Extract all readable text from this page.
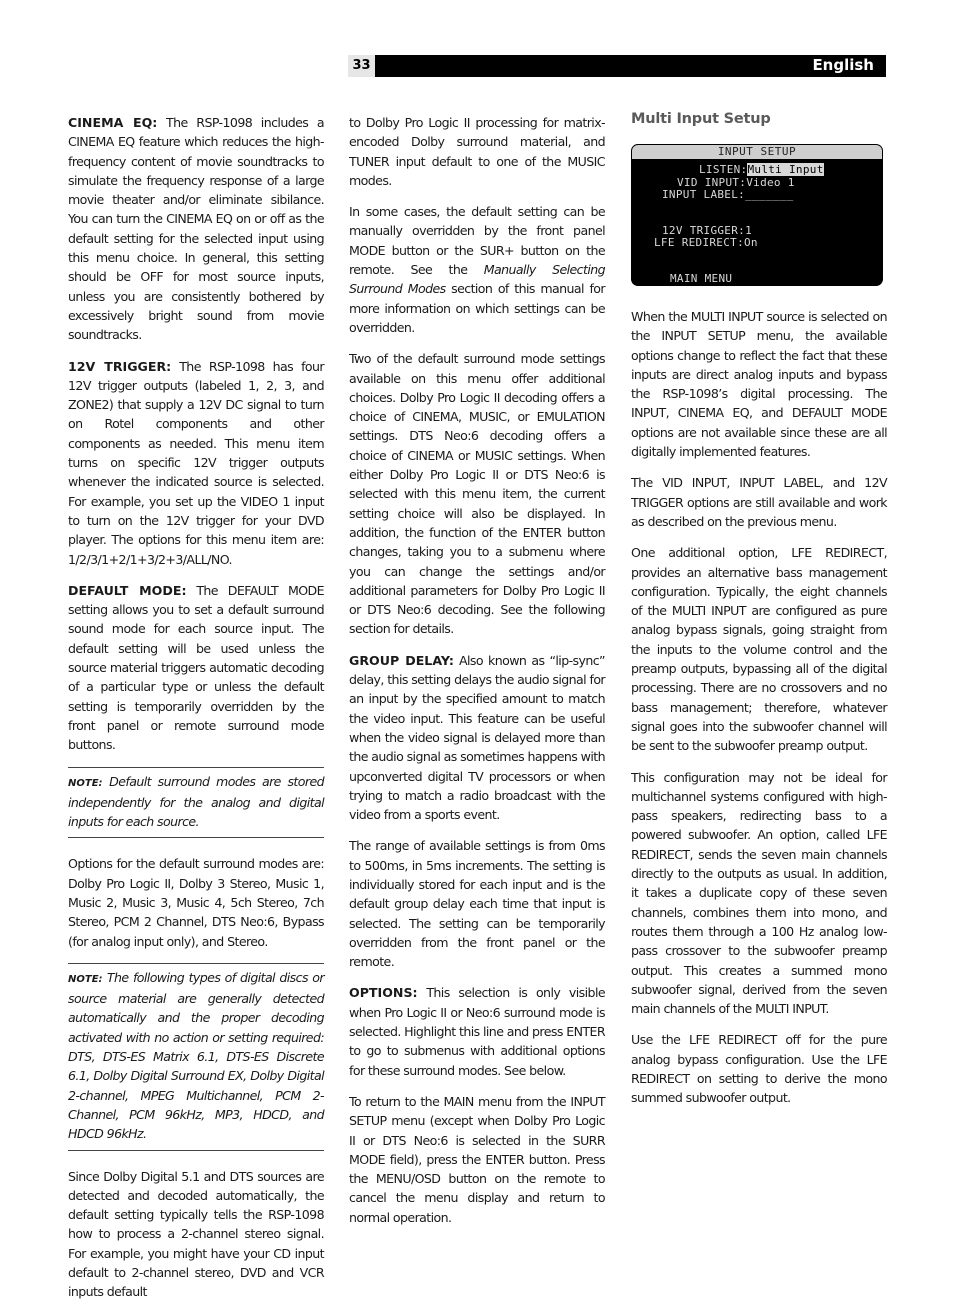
33	English

CINEMA EQ: The RSP-1098 includes a CINEMA EQ feature which reduces the high-frequency content of movie soundtracks to simulate the frequency response of a large movie theater and/or eliminate sibilance. You can turn the CINEMA EQ on or off as the default setting for the selected input using this menu choice. In general, this setting should be OFF for most source inputs, unless you are consistently bothered by excessively bright sound from movie soundtracks.

12V TRIGGER: The RSP-1098 has four 12V trigger outputs (labeled 1, 2, 3, and ZONE2) that supply a 12V DC signal to turn on Rotel components and other components as needed. This menu item turns on specific 12V trigger outputs whenever the indicated source is selected. For example, you set up the VIDEO 1 input to turn on the 12V trigger for your DVD player. The options for this menu item are: 1/2/3/1+2/1+3/2+3/ALL/NO.

DEFAULT MODE: The DEFAULT MODE setting allows you to set a default surround sound mode for each source input. The default setting will be used unless the source material triggers automatic decoding of a particular type or unless the default setting is temporarily overridden by the front panel or remote surround mode buttons.

NOTE: Default surround modes are stored independently for the analog and digital inputs for each source.

Options for the default surround modes are: Dolby Pro Logic II, Dolby 3 Stereo, Music 1, Music 2, Music 3, Music 4, 5ch Stereo, 7ch Stereo, PCM 2 Channel, DTS Neo:6, Bypass (for analog input only), and Stereo.

NOTE: The following types of digital discs or source material are generally detected automatically and the proper decoding activated with no action or setting required: DTS, DTS-ES Matrix 6.1, DTS-ES Discrete 6.1, Dolby Digital Surround EX, Dolby Digital 2-channel, MPEG Multichannel, PCM 2-Channel, PCM 96kHz, MP3, HDCD, and HDCD 96kHz.

Since Dolby Digital 5.1 and DTS sources are detected and decoded automatically, the default setting typically tells the RSP-1098 how to process a 2-channel stereo signal. For example, you might have your CD input default to 2-channel stereo, DVD and VCR inputs default

to Dolby Pro Logic II processing for matrix-encoded Dolby surround material, and TUNER input default to one of the MUSIC modes.

In some cases, the default setting can be manually overridden by the front panel MODE button or the SUR+ button on the remote. See the Manually Selecting Surround Modes section of this manual for more information on which settings can be overridden.

Two of the default surround mode settings available on this menu offer additional choices. Dolby Pro Logic II decoding offers a choice of CINEMA, MUSIC, or EMULATION settings. DTS Neo:6 decoding offers a choice of CINEMA or MUSIC settings. When either Dolby Pro Logic II or DTS Neo:6 is selected with this menu item, the current setting choice will also be displayed. In addition, the function of the ENTER button changes, taking you to a submenu where you can change the settings and/or additional parameters for Dolby Pro Logic II or DTS Neo:6 decoding. See the following section for details.

GROUP DELAY: Also known as “lip-sync” delay, this setting delays the audio signal for an input by the specified amount to match the video input. This feature can be useful when the video signal is delayed more than the audio signal as sometimes happens with upconverted digital TV processors or when trying to match a radio broadcast with the video from a sports event.

The range of available settings is from 0ms to 500ms, in 5ms increments. The setting is individually stored for each input and is the default group delay each time that input is selected. The setting can be temporarily overridden from the front panel or the remote.

OPTIONS: This selection is only visible when Pro Logic II or Neo:6 surround mode is selected. Highlight this line and press ENTER to go to submenus with additional options for these surround modes. See below.

To return to the MAIN menu from the INPUT SETUP menu (except when Dolby Pro Logic II or DTS Neo:6 is selected in the SURR MODE field), press the ENTER button. Press the MENU/OSD button on the remote to cancel the menu display and return to normal operation.

Multi Input Setup
INPUT SETUP
LISTEN:Multi Input
VID INPUT:Video 1
INPUT LABEL:_______
12V TRIGGER:1
LFE REDIRECT:On
MAIN MENU

When the MULTI INPUT source is selected on the INPUT SETUP menu, the available options change to reflect the fact that these inputs are direct analog inputs and bypass the RSP-1098’s digital processing. The INPUT, CINEMA EQ, and DEFAULT MODE options are not available since these are all digitally implemented features.

The VID INPUT, INPUT LABEL, and 12V TRIGGER options are still available and work as described on the previous menu.

One additional option, LFE REDIRECT, provides an alternative bass management configuration. Typically, the eight channels of the MULTI INPUT are configured as pure analog bypass signals, going straight from the inputs to the volume control and the preamp outputs, bypassing all of the digital processing. There are no crossovers and no bass management; therefore, whatever signal goes into the subwoofer channel will be sent to the subwoofer preamp output.

This configuration may not be ideal for multichannel systems configured with high-pass speakers, redirecting bass to a powered subwoofer. An option, called LFE REDIRECT, sends the seven main channels directly to the outputs as usual. In addition, it takes a duplicate copy of these seven channels, combines them into mono, and routes them through a 100 Hz analog low-pass crossover to the subwoofer preamp output. This creates a summed mono subwoofer signal, derived from the seven main channels of the MULTI INPUT.

Use the LFE REDIRECT off for the pure analog bypass configuration. Use the LFE REDIRECT on setting to derive the mono summed subwoofer output.
